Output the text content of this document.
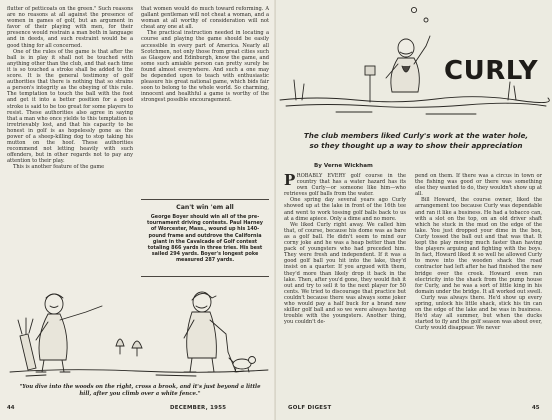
flutter of petticoats on the green." Such reasons are no reasons at all against the presence of women in games of golf, but an argument in favor of their playing with men, for their presence would restrain a man both in language and in deeds, and such restraint would be a good thing for all concerned.

One of the rules of the game is that after the ball is in play it shall not be touched with anything other than the club, and that each time it is so touched a stroke shall be added to the score. It is the general testimony of golf authorities that there is nothing that so strains a person's integrity as the obeying of this rule. The temptation to touch the ball with the foot and get it into a better position for a good stroke is said to be too great for some players to resist. These authorities also agree in saying that a man who once yields to this temptation is irretrievably lost, and that his capacity to be honest in golf is as hopelessly gone as the power of a sheep-killing dog to stop taking his mutton on the hoof. These authorities recommend not letting heavily with such offenders, but in other regards not to pay any attention to their play.

This is another feature of the game

that women would do much toward reforming. A gallant gentleman will not cheat a woman, and a woman at all worthy of consideration will not cheat any one at all.

The practical instruction needed in locating a course and playing the game should be easily accessible in every part of America. Nearly all Scotchmen, not only those from great cities such as Glasgow and Edinburgh, know the game, and some such amiable person can pretty surely be found almost everywhere. And such a one may be depended upon to teach with enthusiastic pleasure his great national game, which bids fair soon to belong to the whole world. So charming, innocent and healthful a game is worthy of the strongest possible encouragement.

Can't win 'em all
George Boyer should win all of the pre-tournament driving contests. Paul Harney of Worcester, Mass., wound up his 140-pound frame and outdrove the California giant in the Cavalcade of Golf contest totaling 866 yards in three tries. His best sailed 294 yards. Boyer's longest poke measured 287 yards.
"You dive into the woods on the right, cross a brook, and it's just beyond a little hill, after you climb over a white fence."
44	DECEMBER, 1955
CURLY
The club members liked Curly's work at the water hole,
so they thought up a way to show their appreciation
By Verne Wickham

PROBABLY EVERY golf course in the country that has a water hazard has its own Curly—or someone like him—who retrieves golf balls from the water.

One spring day several years ago Curly showed up at the lake in front of the 16th tee and went to work tossing golf balls back to us at a dime apiece. Only a dime and no more.

We liked Curly right away. We called him that, of course, because his dome was as bare as a golf ball. He didn't seem to mind our corny joke and he was a heap better than the pack of youngsters who had preceded him. They were fresh and independent. If it was a good golf ball you hit into the lake, they'd insist on a quarter. If you argued with them, they'd more than likely drop it back in the lake. Then, after you'd gone, they would fish it out and try to sell it to the next player for 50 cents. We tried to discourage that practice but couldn't because there was always some joker who would pay a half buck for a brand new skiller golf ball and so we were always having trouble with the youngsters. Another thing, you couldn't de-

pend on them. If there was a circus in town or the fishing was good or there was something else they wanted to do, they wouldn't show up at all.

Bill Howard, the course owner, liked the arrangement too because Curly was dependable and ran it like a business. He had a tobacco can, with a slot on the top, on an old driver shaft which he stuck in the mud on the edge of the lake. You just dropped your dime in the box, Curly tossed the ball out and that was that. It kept the play moving much faster than having the players arguing and fighting with the boys. In fact, Howard liked it so well he allowed Curly to move into the wooden shack the road contractor had left after he had finished the new bridge over the creek. Howard even ran electricity into the shack from the pump house for Curly, and he was a sort of little king in his domain under the bridge. It all worked out swell.

Curly was always there. He'd show up every spring, unlock his little shack, stick his tin can on the edge of the lake and be was in business. He'd stay all summer, but when the ducks started to fly and the golf season was about over, Curly would disappear. We never

GOLF DIGEST	45
